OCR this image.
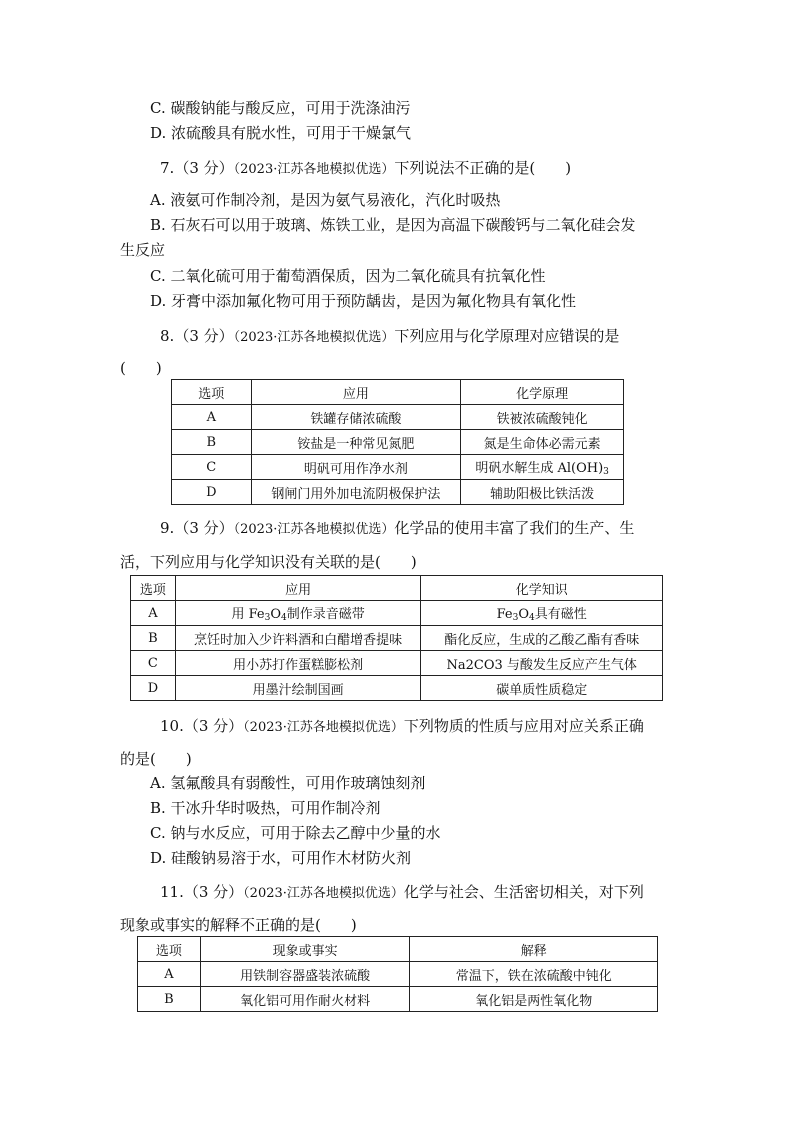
C. 碳酸钠能与酸反应，可用于洗涤油污
D. 浓硫酸具有脱水性，可用于干燥氯气
7.（3 分）（2023·江苏各地模拟优选）下列说法不正确的是(　　)
A. 液氨可作制冷剂，是因为氨气易液化，汽化时吸热
B. 石灰石可以用于玻璃、炼铁工业，是因为高温下碳酸钙与二氧化硅会发
生反应
C. 二氧化硫可用于葡萄酒保质，因为二氧化硫具有抗氧化性
D. 牙膏中添加氟化物可用于预防龋齿，是因为氟化物具有氧化性
8.（3 分）（2023·江苏各地模拟优选）下列应用与化学原理对应错误的是
(　　)
选项	应用	化学原理
A	铁罐存储浓硫酸	铁被浓硫酸钝化
B	铵盐是一种常见氮肥	氮是生命体必需元素
C	明矾可用作净水剂	明矾水解生成 $Al(OH)_3$
D	钢闸门用外加电流阴极保护法	辅助阳极比铁活泼
9.（3 分）（2023·江苏各地模拟优选）化学品的使用丰富了我们的生产、生
活，下列应用与化学知识没有关联的是(　　)
选项	应用	化学知识
A	用 $Fe_3O_4$制作录音磁带	$Fe_3O_4$具有磁性
B	烹饪时加入少许料酒和白醋增香提味	酯化反应，生成的乙酸乙酯有香味
C	用小苏打作蛋糕膨松剂	Na2CO3 与酸发生反应产生气体
D	用墨汁绘制国画	碳单质性质稳定
10.（3 分）（2023·江苏各地模拟优选）下列物质的性质与应用对应关系正确
的是(　　)
A. 氢氟酸具有弱酸性，可用作玻璃蚀刻剂
B. 干冰升华时吸热，可用作制冷剂
C. 钠与水反应，可用于除去乙醇中少量的水
D. 硅酸钠易溶于水，可用作木材防火剂
11.（3 分）（2023·江苏各地模拟优选）化学与社会、生活密切相关，对下列
现象或事实的解释不正确的是(　　)
选项	现象或事实	解释
A	用铁制容器盛装浓硫酸	常温下，铁在浓硫酸中钝化
B	氧化铝可用作耐火材料	氧化铝是两性氧化物
